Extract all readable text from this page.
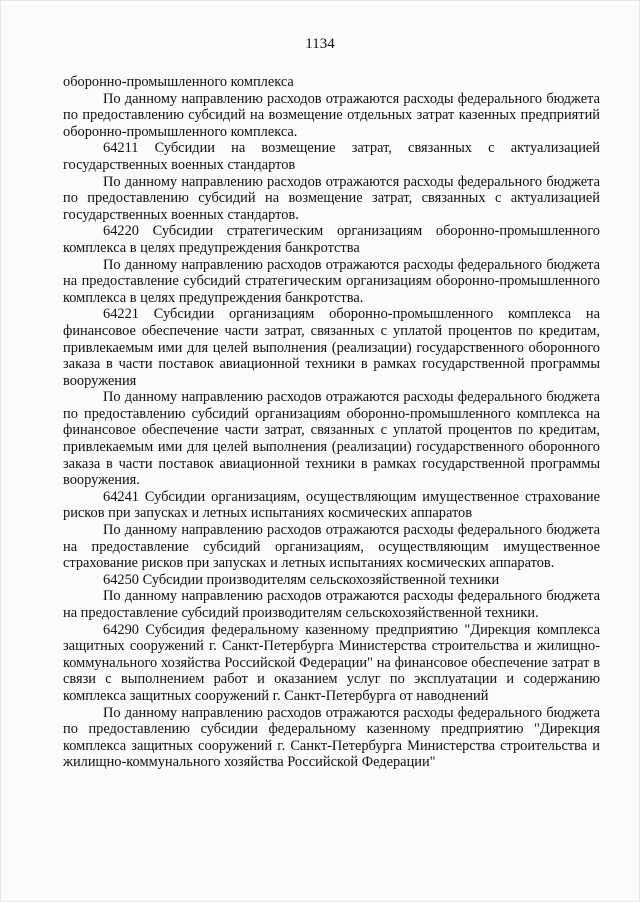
1134

оборонно-промышленного комплекса

По данному направлению расходов отражаются расходы федерального бюджета по предоставлению субсидий на возмещение отдельных затрат казенных предприятий оборонно-промышленного комплекса.

64211 Субсидии на возмещение затрат, связанных с актуализацией государственных военных стандартов

По данному направлению расходов отражаются расходы федерального бюджета по предоставлению субсидий на возмещение затрат, связанных с актуализацией государственных военных стандартов.

64220 Субсидии стратегическим организациям оборонно-промышленного комплекса в целях предупреждения банкротства

По данному направлению расходов отражаются расходы федерального бюджета на предоставление субсидий стратегическим организациям оборонно-промышленного комплекса в целях предупреждения банкротства.

64221 Субсидии организациям оборонно-промышленного комплекса на финансовое обеспечение части затрат, связанных с уплатой процентов по кредитам, привлекаемым ими для целей выполнения (реализации) государственного оборонного заказа в части поставок авиационной техники в рамках государственной программы вооружения

По данному направлению расходов отражаются расходы федерального бюджета по предоставлению субсидий организациям оборонно-промышленного комплекса на финансовое обеспечение части затрат, связанных с уплатой процентов по кредитам, привлекаемым ими для целей выполнения (реализации) государственного оборонного заказа в части поставок авиационной техники в рамках государственной программы вооружения.

64241 Субсидии организациям, осуществляющим имущественное страхование рисков при запусках и летных испытаниях космических аппаратов

По данному направлению расходов отражаются расходы федерального бюджета на предоставление субсидий организациям, осуществляющим имущественное страхование рисков при запусках и летных испытаниях космических аппаратов.

64250 Субсидии производителям сельскохозяйственной техники

По данному направлению расходов отражаются расходы федерального бюджета на предоставление субсидий производителям сельскохозяйственной техники.

64290 Субсидия федеральному казенному предприятию "Дирекция комплекса защитных сооружений г. Санкт-Петербурга Министерства строительства и жилищно-коммунального хозяйства Российской Федерации" на финансовое обеспечение затрат в связи с выполнением работ и оказанием услуг по эксплуатации и содержанию комплекса защитных сооружений г. Санкт-Петербурга от наводнений

По данному направлению расходов отражаются расходы федерального бюджета по предоставлению субсидии федеральному казенному предприятию "Дирекция комплекса защитных сооружений г. Санкт-Петербурга Министерства строительства и жилищно-коммунального хозяйства Российской Федерации"
